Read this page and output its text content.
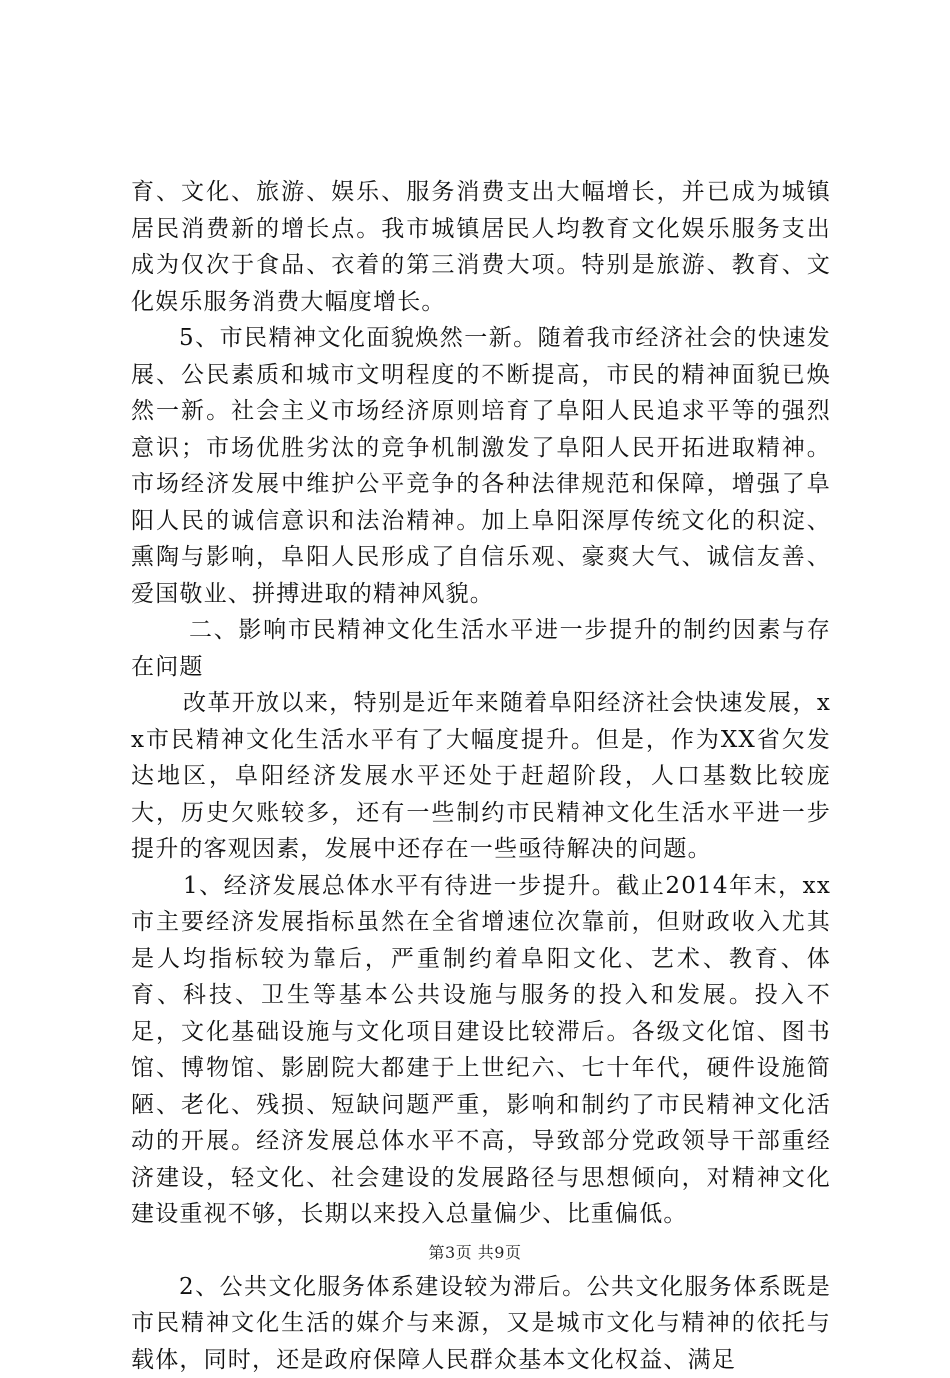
育、文化、旅游、娱乐、服务消费支出大幅增长，并已成为城镇居民消费新的增长点。我市城镇居民人均教育文化娱乐服务支出成为仅次于食品、衣着的第三消费大项。特别是旅游、教育、文化娱乐服务消费大幅度增长。

5、市民精神文化面貌焕然一新。随着我市经济社会的快速发展、公民素质和城市文明程度的不断提高，市民的精神面貌已焕然一新。社会主义市场经济原则培育了阜阳人民追求平等的强烈意识；市场优胜劣汰的竞争机制激发了阜阳人民开拓进取精神。市场经济发展中维护公平竞争的各种法律规范和保障，增强了阜阳人民的诚信意识和法治精神。加上阜阳深厚传统文化的积淀、熏陶与影响，阜阳人民形成了自信乐观、豪爽大气、诚信友善、爱国敬业、拼搏进取的精神风貌。

二、影响市民精神文化生活水平进一步提升的制约因素与存在问题

改革开放以来，特别是近年来随着阜阳经济社会快速发展，xx市民精神文化生活水平有了大幅度提升。但是，作为XX省欠发达地区，阜阳经济发展水平还处于赶超阶段，人口基数比较庞大，历史欠账较多，还有一些制约市民精神文化生活水平进一步提升的客观因素，发展中还存在一些亟待解决的问题。

1、经济发展总体水平有待进一步提升。截止2014年末，xx市主要经济发展指标虽然在全省增速位次靠前，但财政收入尤其是人均指标较为靠后，严重制约着阜阳文化、艺术、教育、体育、科技、卫生等基本公共设施与服务的投入和发展。投入不足，文化基础设施与文化项目建设比较滞后。各级文化馆、图书馆、博物馆、影剧院大都建于上世纪六、七十年代，硬件设施简陋、老化、残损、短缺问题严重，影响和制约了市民精神文化活动的开展。经济发展总体水平不高，导致部分党政领导干部重经济建设，轻文化、社会建设的发展路径与思想倾向，对精神文化建设重视不够，长期以来投入总量偏少、比重偏低。

2、公共文化服务体系建设较为滞后。公共文化服务体系既是市民精神文化生活的媒介与来源，又是城市文化与精神的依托与载体，同时，还是政府保障人民群众基本文化权益、满足

第3页 共9页
